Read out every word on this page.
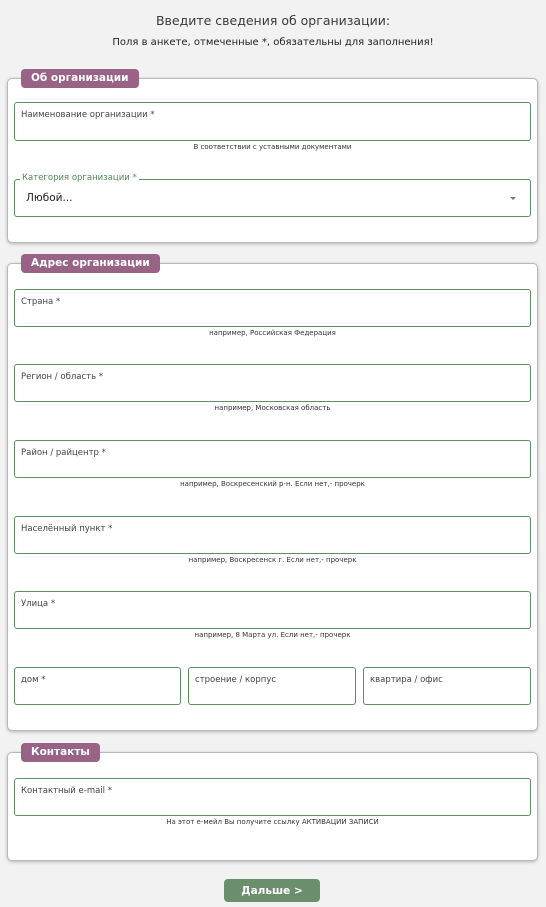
Введите сведения об организации:
Поля в анкете, отмеченные *, обязательны для заполнения!
Об организации
Наименование организации *
В соответствии с уставными документами
Категория организации *
Любой...
Адрес организации
Страна *
например, Российская Федерация
Регион / область *
например, Московская область
Район / райцентр *
например, Воскресенский р-н. Если нет,- прочерк
Населённый пункт *
например, Воскресенск г. Если нет,- прочерк
Улица *
например, 8 Марта ул. Если нет,- прочерк
дом *	строение / корпус	квартира / офис
Контакты
Контактный e-mail *
На этот е-мейл Вы получите ссылку АКТИВАЦИИ ЗАПИСИ
Дальше >
